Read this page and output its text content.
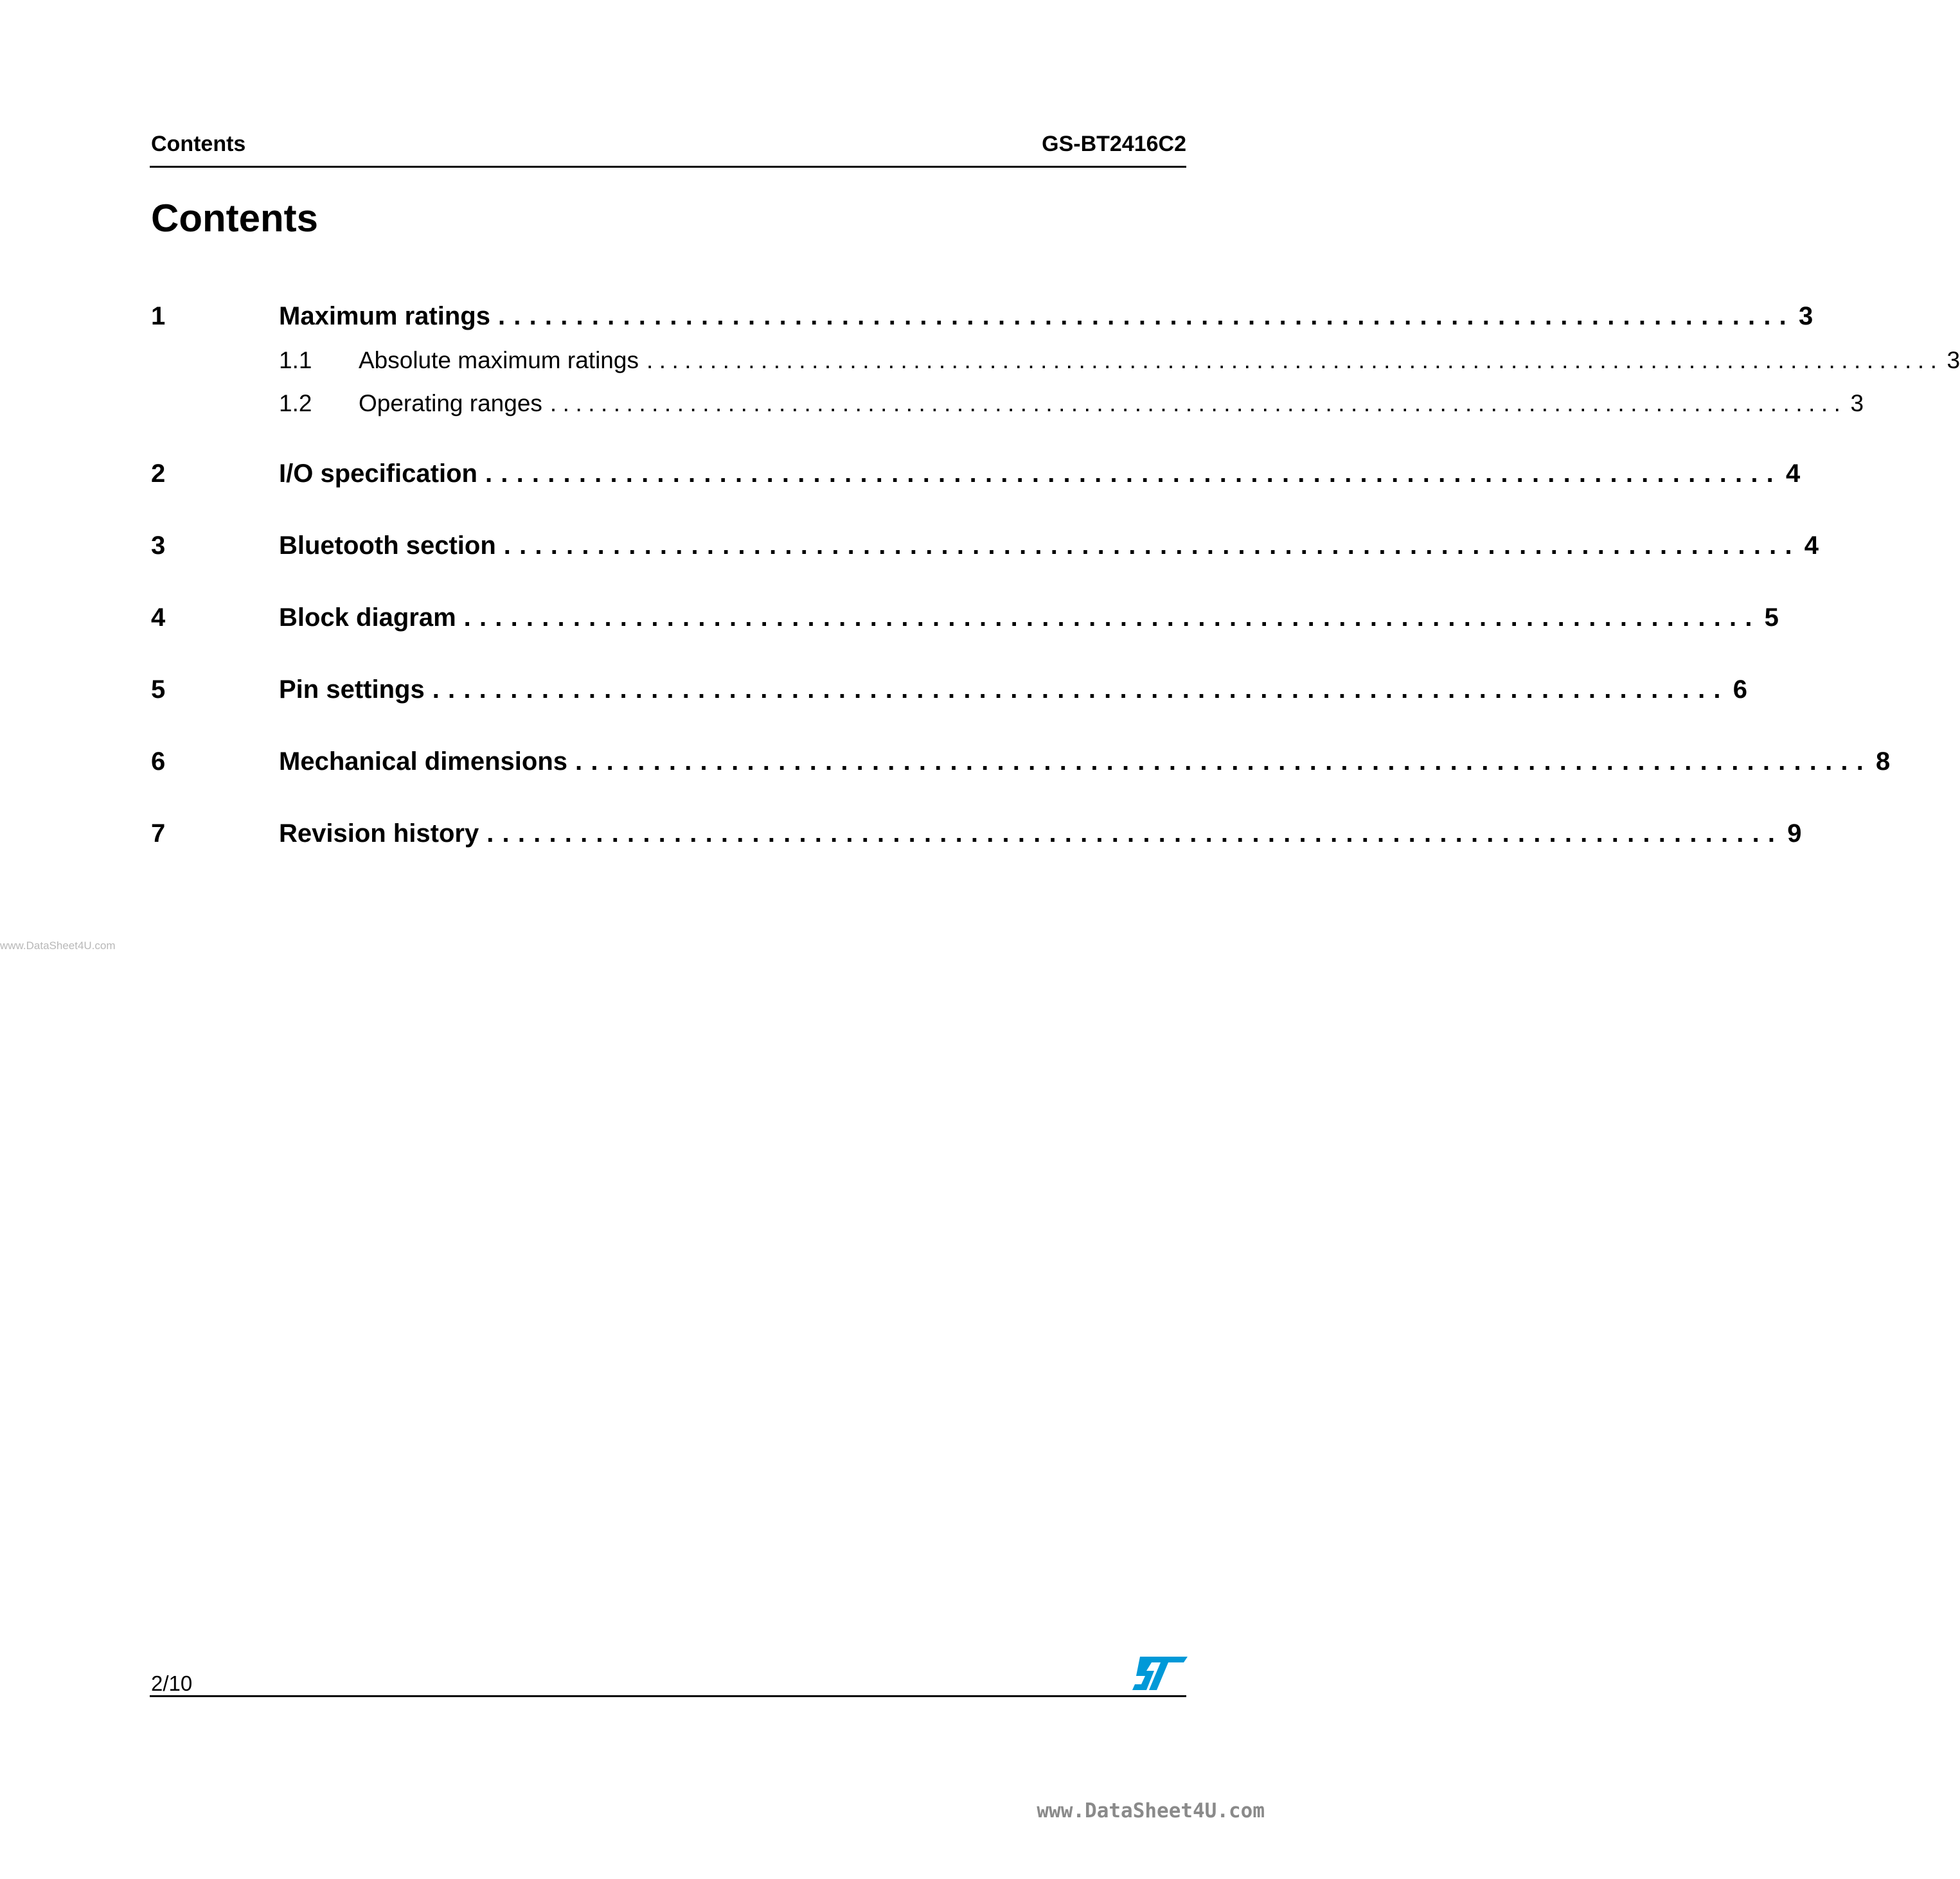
Contents	GS-BT2416C2
Contents
1	Maximum ratings ................................................................................... 3
1.1	Absolute maximum ratings ...................................................................................................... 3
1.2	Operating ranges ...................................................................................................... 3
2	I/O specification ................................................................................... 4
3	Bluetooth section ................................................................................... 4
4	Block diagram ................................................................................... 5
5	Pin settings ................................................................................... 6
6	Mechanical dimensions ................................................................................... 8
7	Revision history ................................................................................... 9
www.DataSheet4U.com
2/10
www.DataSheet4U.com
